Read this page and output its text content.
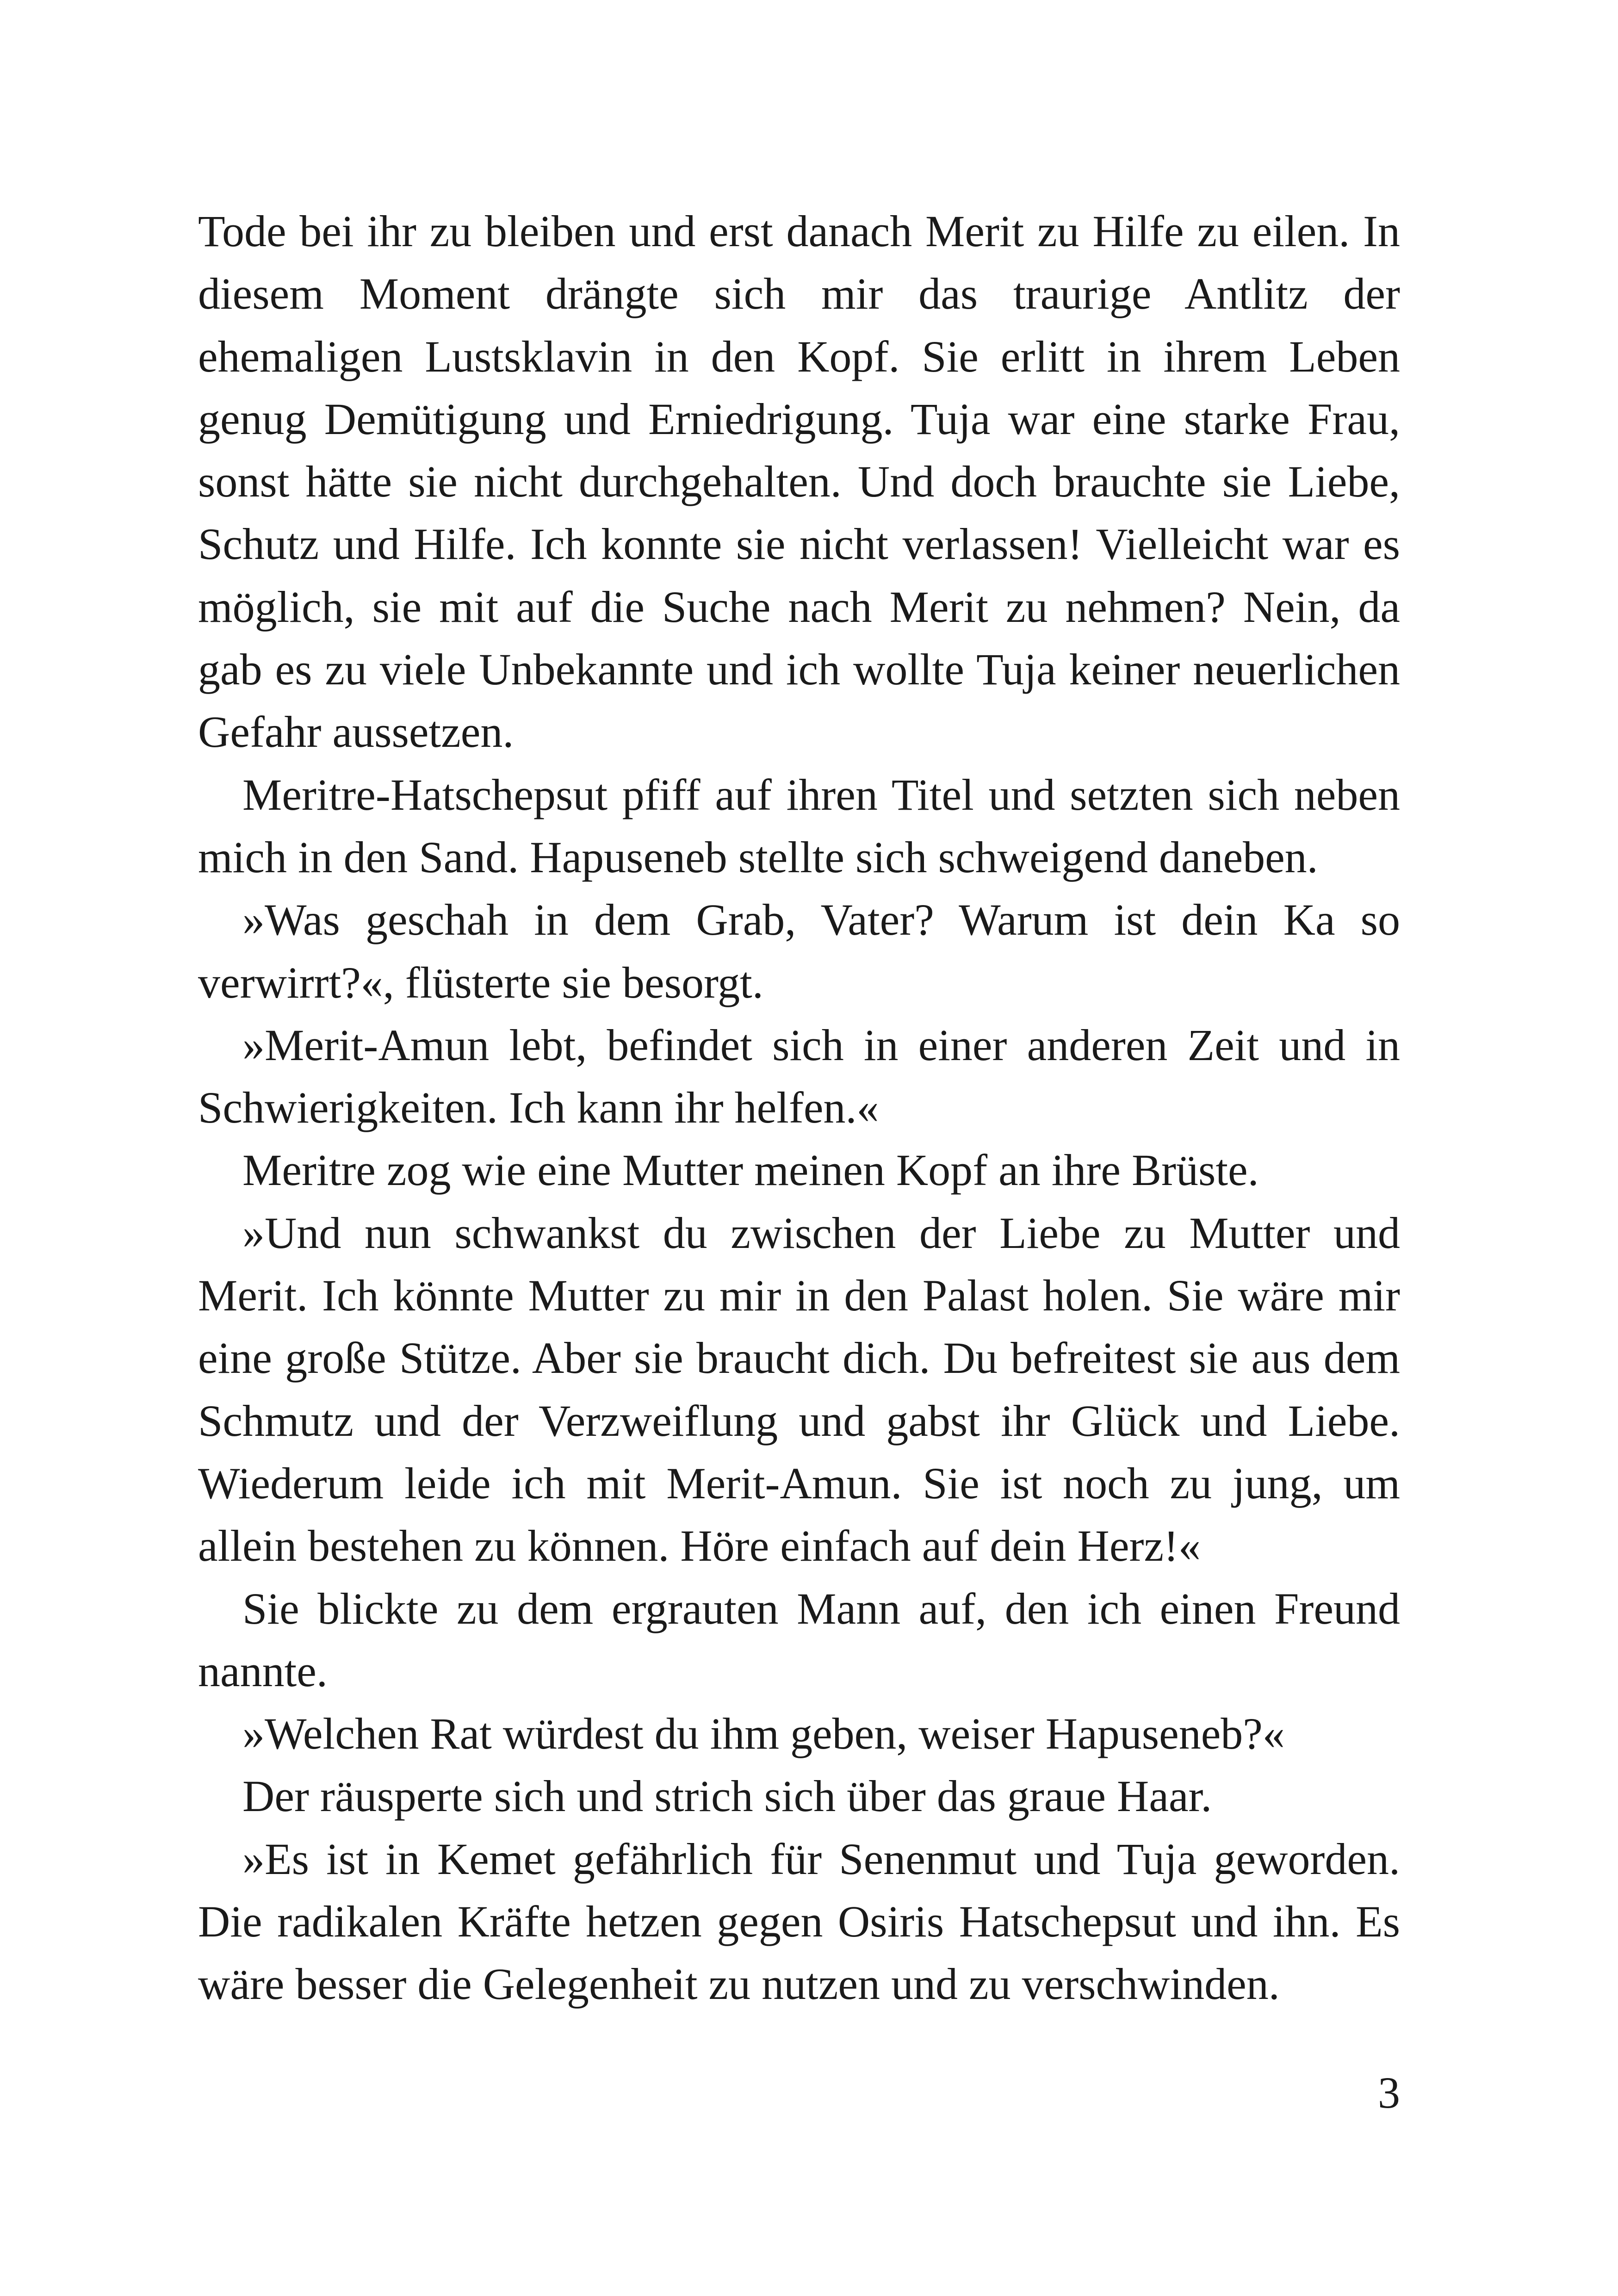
Tode bei ihr zu bleiben und erst danach Merit zu Hilfe zu eilen. In diesem Moment drängte sich mir das traurige Antlitz der ehemaligen Lustsklavin in den Kopf. Sie erlitt in ihrem Leben genug Demütigung und Erniedrigung. Tuja war eine starke Frau, sonst hätte sie nicht durchgehalten. Und doch brauchte sie Liebe, Schutz und Hilfe. Ich konnte sie nicht verlassen! Vielleicht war es möglich, sie mit auf die Suche nach Merit zu nehmen? Nein, da gab es zu viele Unbekannte und ich wollte Tuja keiner neuerlichen Gefahr aussetzen.

Meritre-Hatschepsut pfiff auf ihren Titel und setzten sich neben mich in den Sand. Hapuseneb stellte sich schweigend daneben.

»Was geschah in dem Grab, Vater? Warum ist dein Ka so verwirrt?«, flüsterte sie besorgt.

»Merit-Amun lebt, befindet sich in einer anderen Zeit und in Schwierigkeiten. Ich kann ihr helfen.«

Meritre zog wie eine Mutter meinen Kopf an ihre Brüste.

»Und nun schwankst du zwischen der Liebe zu Mutter und Merit. Ich könnte Mutter zu mir in den Palast holen. Sie wäre mir eine große Stütze. Aber sie braucht dich. Du befreitest sie aus dem Schmutz und der Verzweiflung und gabst ihr Glück und Liebe. Wiederum leide ich mit Merit-Amun. Sie ist noch zu jung, um allein bestehen zu können. Höre einfach auf dein Herz!«

Sie blickte zu dem ergrauten Mann auf, den ich einen Freund nannte.

»Welchen Rat würdest du ihm geben, weiser Hapuseneb?«

Der räusperte sich und strich sich über das graue Haar.

»Es ist in Kemet gefährlich für Senenmut und Tuja geworden. Die radikalen Kräfte hetzen gegen Osiris Hatschepsut und ihn. Es wäre besser die Gelegenheit zu nutzen und zu verschwinden.

3
